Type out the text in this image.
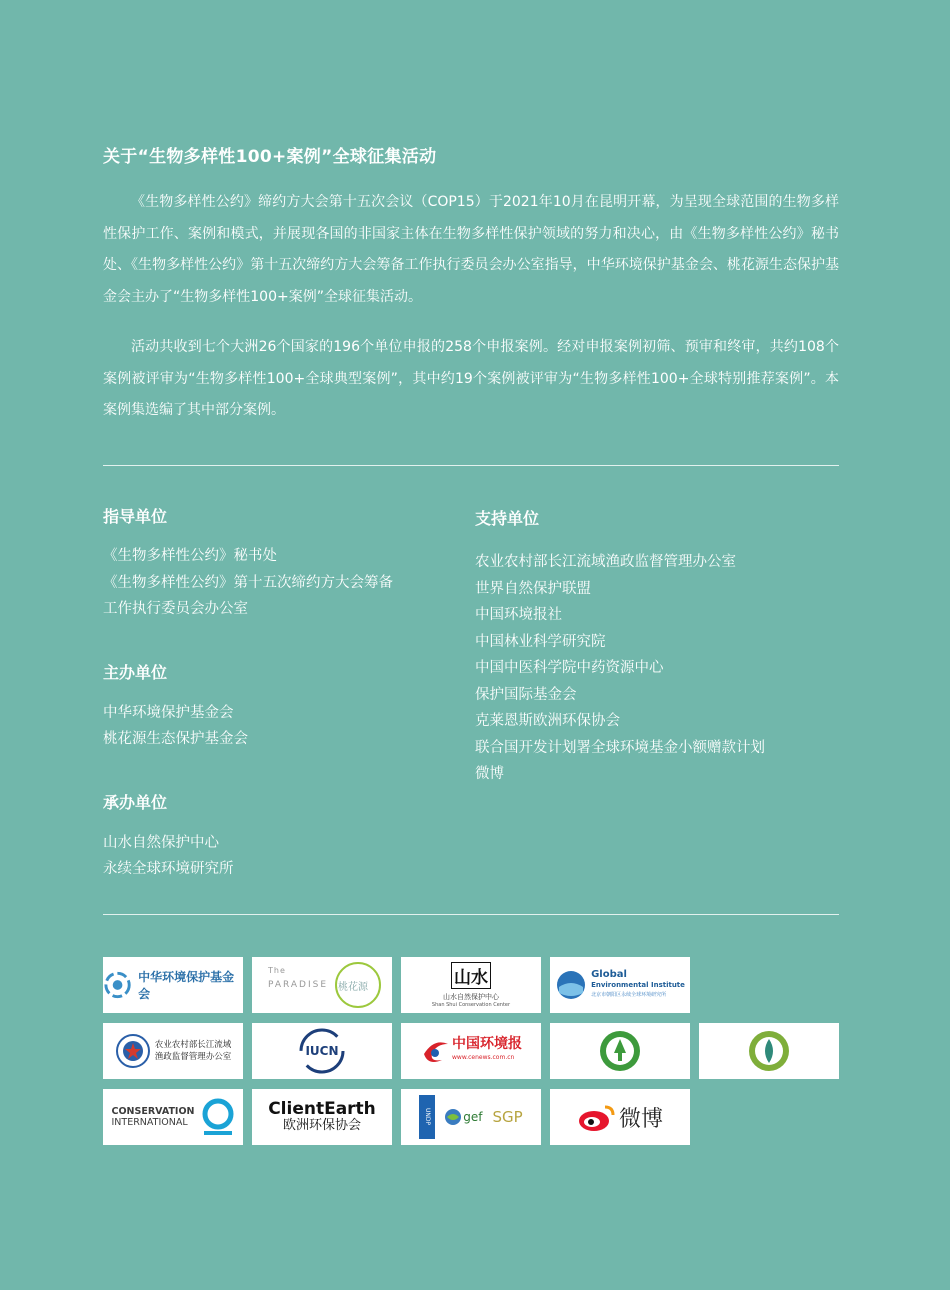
关于“生物多样性100+案例”全球征集活动
《生物多样性公约》缔约方大会第十五次会议（COP15）于2021年10月在昆明开幕，为呈现全球范围的生物多样性保护工作、案例和模式，并展现各国的非国家主体在生物多样性保护领域的努力和决心，由《生物多样性公约》秘书处、《生物多样性公约》第十五次缔约方大会筹备工作执行委员会办公室指导，中华环境保护基金会、桃花源生态保护基金会主办了“生物多样性100+案例”全球征集活动。
活动共收到七个大洲26个国家的196个单位申报的258个申报案例。经对申报案例初筛、预审和终审，共约108个案例被评审为“生物多样性100+全球典型案例”，其中约19个案例被评审为“生物多样性100+全球特别推荐案例”。本案例集选编了其中部分案例。
指导单位
《生物多样性公约》秘书处
《生物多样性公约》第十五次缔约方大会筹备
工作执行委员会办公室
主办单位
中华环境保护基金会
桃花源生态保护基金会
承办单位
山水自然保护中心
永续全球环境研究所
支持单位
农业农村部长江流域渔政监督管理办公室
世界自然保护联盟
中国环境报社
中国林业科学研究院
中国中医科学院中药资源中心
保护国际基金会
克莱恩斯欧洲环保协会
联合国开发计划署全球环境基金小额赠款计划
微博
中华环境保护基金会
The
PARADISE 桃花源	山水
山水自然保护中心
Shan Shui Conservation Center
Global
Environmental Institute
北京市朝阳区永续全球环境研究所
农业农村部长江流域
渔政监督管理办公室	IUCN	中国环境报
www.cenews.com.cn
CONSERVATION
INTERNATIONAL
ClientEarth
欧洲环保协会	UNDP	gef SGP	微博
